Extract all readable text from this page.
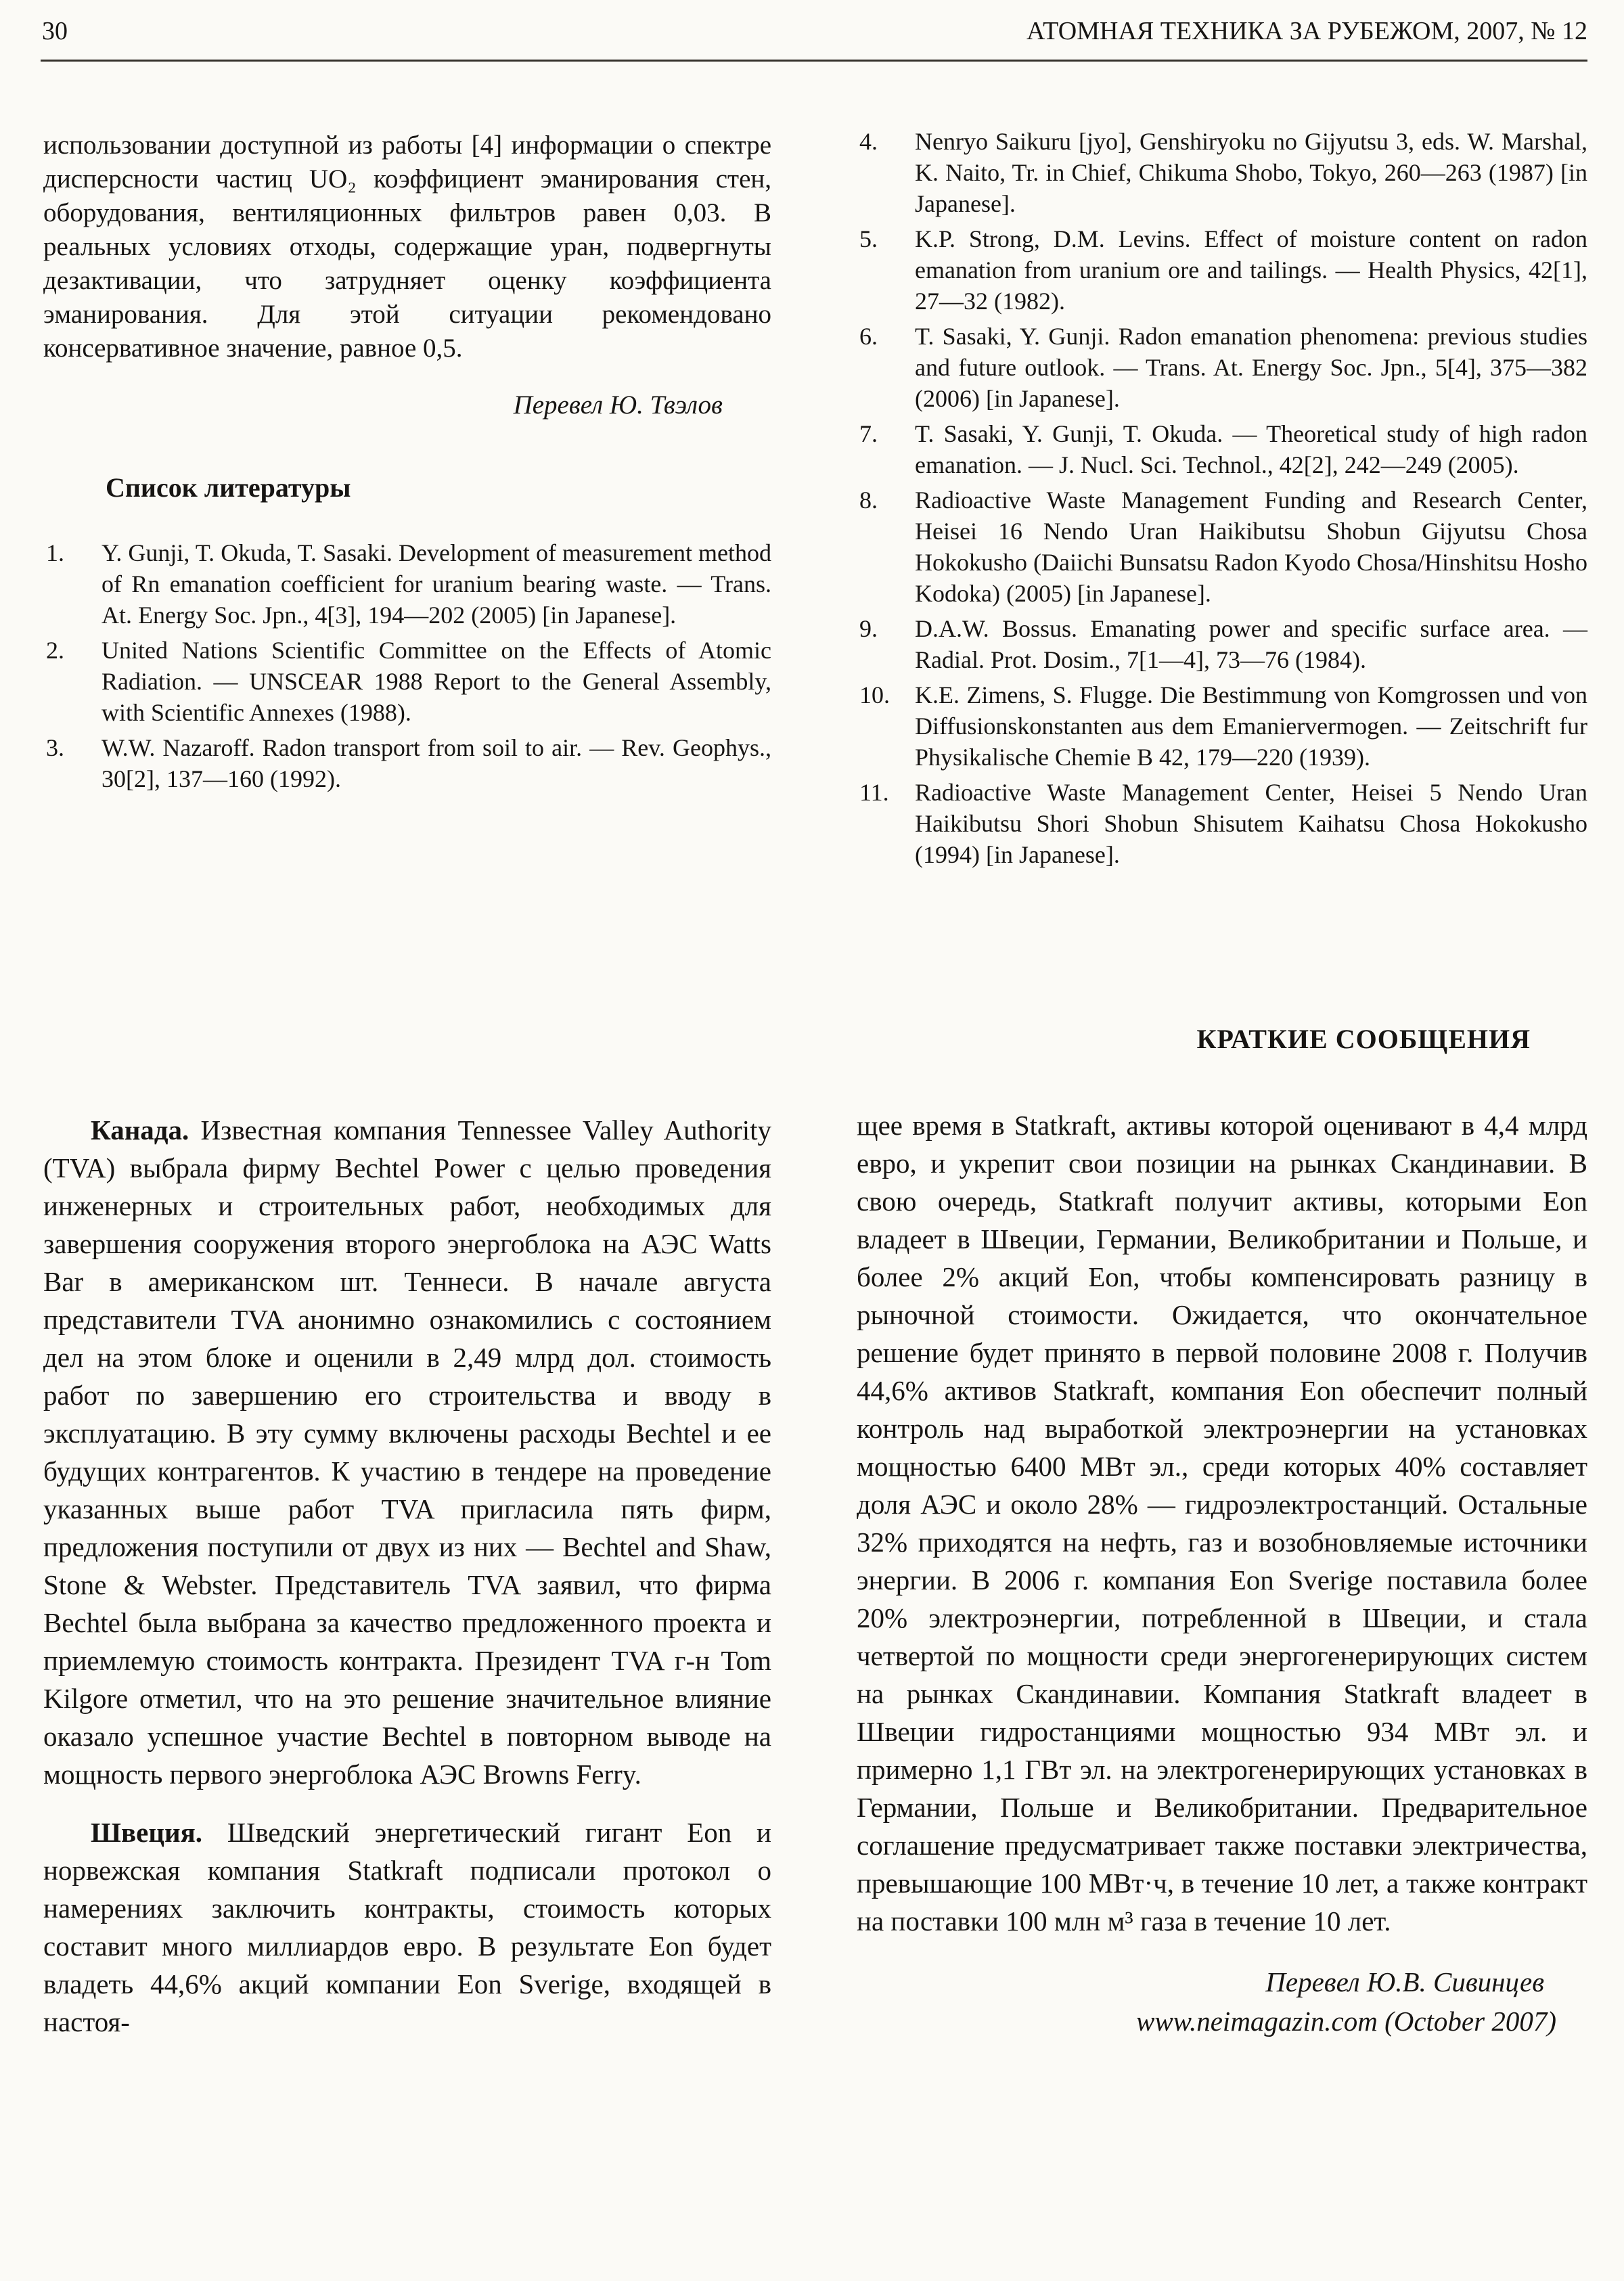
30	АТОМНАЯ ТЕХНИКА ЗА РУБЕЖОМ, 2007, № 12

использовании доступной из работы [4] информации о спектре дисперсности частиц UO₂ коэффициент эманирования стен, оборудования, вентиляционных фильтров равен 0,03. В реальных условиях отходы, содержащие уран, подвергнуты дезактивации, что затрудняет оценку коэффициента эманирования. Для этой ситуации рекомендовано консервативное значение, равное 0,5.

Перевел Ю. Твэлов

Список литературы
1. Y. Gunji, T. Okuda, T. Sasaki. Development of measurement method of Rn emanation coefficient for uranium bearing waste. — Trans. At. Energy Soc. Jpn., 4[3], 194—202 (2005) [in Japanese].
2. United Nations Scientific Committee on the Effects of Atomic Radiation. — UNSCEAR 1988 Report to the General Assembly, with Scientific Annexes (1988).
3. W.W. Nazaroff. Radon transport from soil to air. — Rev. Geophys., 30[2], 137—160 (1992).
4. Nenryo Saikuru [jyo], Genshiryoku no Gijyutsu 3, eds. W. Marshal, K. Naito, Tr. in Chief, Chikuma Shobo, Tokyo, 260—263 (1987) [in Japanese].
5. K.P. Strong, D.M. Levins. Effect of moisture content on radon emanation from uranium ore and tailings. — Health Physics, 42[1], 27—32 (1982).
6. T. Sasaki, Y. Gunji. Radon emanation phenomena: previous studies and future outlook. — Trans. At. Energy Soc. Jpn., 5[4], 375—382 (2006) [in Japanese].
7. T. Sasaki, Y. Gunji, T. Okuda. — Theoretical study of high radon emanation. — J. Nucl. Sci. Technol., 42[2], 242—249 (2005).
8. Radioactive Waste Management Funding and Research Center, Heisei 16 Nendo Uran Haikibutsu Shobun Gijyutsu Chosa Hokokusho (Daiichi Bunsatsu Radon Kyodo Chosa/Hinshitsu Hosho Kodoka) (2005) [in Japanese].
9. D.A.W. Bossus. Emanating power and specific surface area. — Radial. Prot. Dosim., 7[1—4], 73—76 (1984).
10. K.E. Zimens, S. Flugge. Die Bestimmung von Komgrossen und von Diffusionskonstanten aus dem Emaniervermogen. — Zeitschrift fur Physikalische Chemie B 42, 179—220 (1939).
11. Radioactive Waste Management Center, Heisei 5 Nendo Uran Haikibutsu Shori Shobun Shisutem Kaihatsu Chosa Hokokusho (1994) [in Japanese].

Канада. Известная компания Tennessee Valley Authority (TVA) выбрала фирму Bechtel Power с целью проведения инженерных и строительных работ, необходимых для завершения сооружения второго энергоблока на АЭС Watts Bar в американском шт. Теннеси. В начале августа представители TVA анонимно ознакомились с состоянием дел на этом блоке и оценили в 2,49 млрд дол. стоимость работ по завершению его строительства и вводу в эксплуатацию. В эту сумму включены расходы Bechtel и ее будущих контрагентов. К участию в тендере на проведение указанных выше работ TVA пригласила пять фирм, предложения поступили от двух из них — Bechtel and Shaw, Stone & Webster. Представитель TVA заявил, что фирма Bechtel была выбрана за качество предложенного проекта и приемлемую стоимость контракта. Президент TVA г-н Tom Kilgore отметил, что на это решение значительное влияние оказало успешное участие Bechtel в повторном выводе на мощность первого энергоблока АЭС Browns Ferry.

Швеция. Шведский энергетический гигант Eon и норвежская компания Statkraft подписали протокол о намерениях заключить контракты, стоимость которых составит много миллиардов евро. В результате Eon будет владеть 44,6% акций компании Eon Sverige, входящей в настоя-

КРАТКИЕ СООБЩЕНИЯ

щее время в Statkraft, активы которой оценивают в 4,4 млрд евро, и укрепит свои позиции на рынках Скандинавии. В свою очередь, Statkraft получит активы, которыми Eon владеет в Швеции, Германии, Великобритании и Польше, и более 2% акций Eon, чтобы компенсировать разницу в рыночной стоимости. Ожидается, что окончательное решение будет принято в первой половине 2008 г. Получив 44,6% активов Statkraft, компания Eon обеспечит полный контроль над выработкой электроэнергии на установках мощностью 6400 МВт эл., среди которых 40% составляет доля АЭС и около 28% — гидроэлектростанций. Остальные 32% приходятся на нефть, газ и возобновляемые источники энергии. В 2006 г. компания Eon Sverige поставила более 20% электроэнергии, потребленной в Швеции, и стала четвертой по мощности среди энергогенерирующих систем на рынках Скандинавии. Компания Statkraft владеет в Швеции гидростанциями мощностью 934 МВт эл. и примерно 1,1 ГВт эл. на электрогенерирующих установках в Германии, Польше и Великобритании. Предварительное соглашение предусматривает также поставки электричества, превышающие 100 МВт·ч, в течение 10 лет, а также контракт на поставки 100 млн м³ газа в течение 10 лет.

Перевел Ю.В. Сивинцев

www.neimagazin.com (October 2007)
